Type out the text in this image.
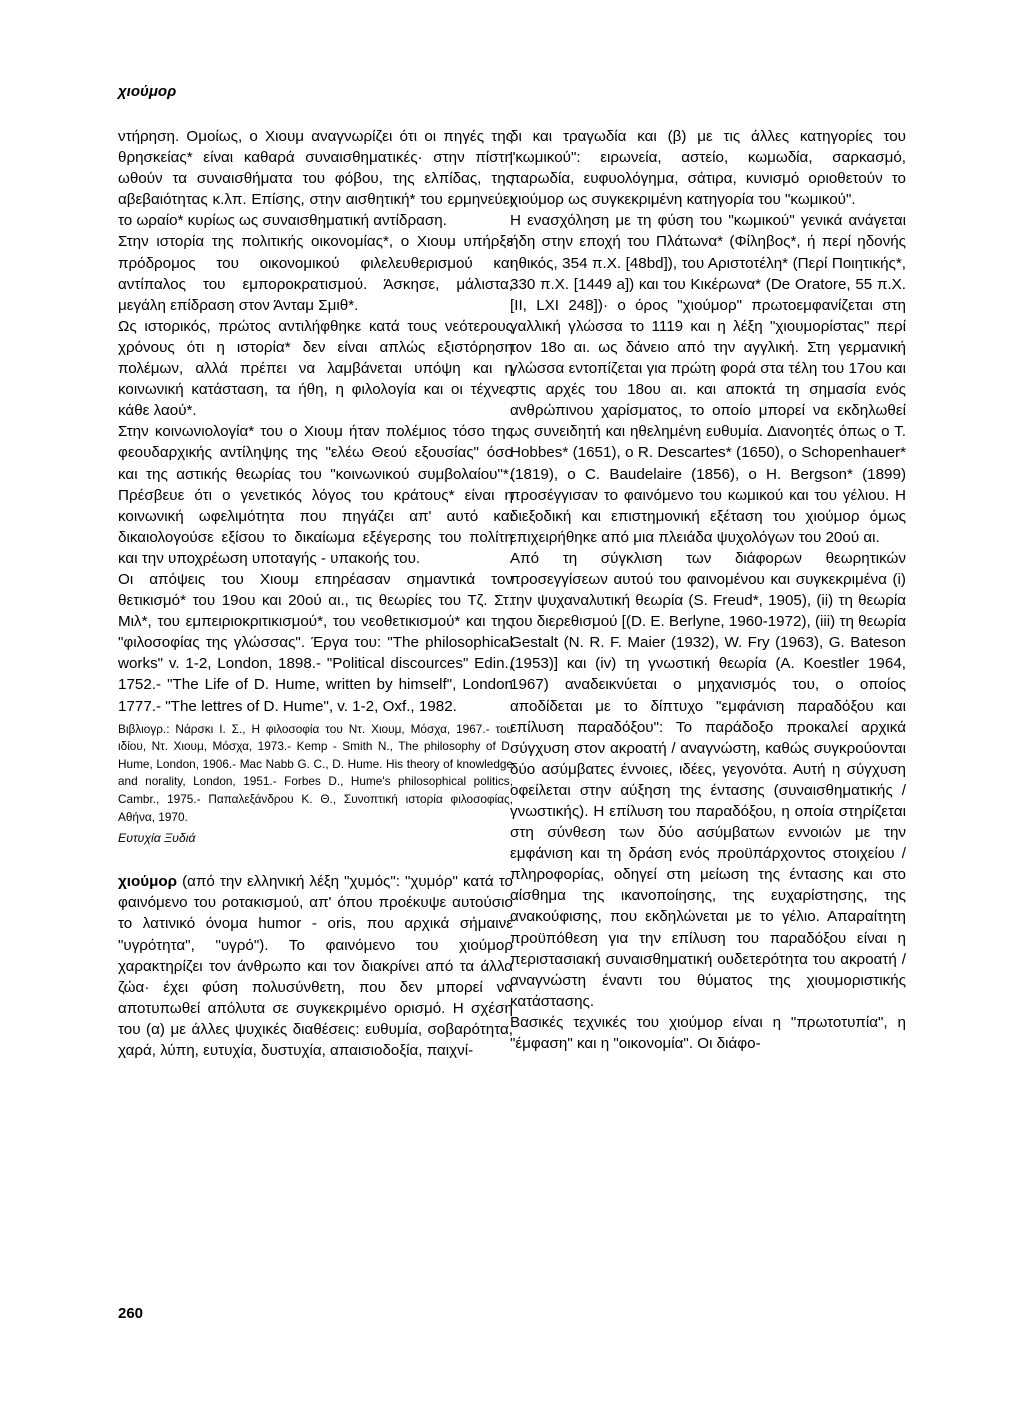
χιούμορ

ντήρηση. Ομοίως, ο Χιουμ αναγνωρίζει ότι οι πηγές της θρησκείας* είναι καθαρά συναισθηματικές· στην πίστη ωθούν τα συναισθήματα του φόβου, της ελπίδας, της αβεβαιότητας κ.λπ. Επίσης, στην αισθητική* του ερμηνεύει το ωραίο* κυρίως ως συναισθηματική αντίδραση.

Στην ιστορία της πολιτικής οικονομίας*, ο Χιουμ υπήρξε πρόδρομος του οικονομικού φιλελευθερισμού και αντίπαλος του εμποροκρατισμού. Άσκησε, μάλιστα, μεγάλη επίδραση στον Άνταμ Σμιθ*.

Ως ιστορικός, πρώτος αντιλήφθηκε κατά τους νεότερους χρόνους ότι η ιστορία* δεν είναι απλώς εξιστόρηση πολέμων, αλλά πρέπει να λαμβάνεται υπόψη και η κοινωνική κατάσταση, τα ήθη, η φιλολογία και οι τέχνες κάθε λαού*.

Στην κοινωνιολογία* του ο Χιουμ ήταν πολέμιος τόσο της φεουδαρχικής αντίληψης της "ελέω Θεού εξουσίας" όσο και της αστικής θεωρίας του "κοινωνικού συμβολαίου"*. Πρέσβευε ότι ο γενετικός λόγος του κράτους* είναι η κοινωνική ωφελιμότητα που πηγάζει απ' αυτό και δικαιολογούσε εξίσου το δικαίωμα εξέγερσης του πολίτη και την υποχρέωση υποταγής - υπακοής του.

Οι απόψεις του Χιουμ επηρέασαν σημαντικά τον θετικισμό* του 19ου και 20ού αι., τις θεωρίες του Τζ. Στ. Μιλ*, του εμπειριοκριτικισμού*, του νεοθετικισμού* και της "φιλοσοφίας της γλώσσας". Έργα του: "The philosophical works" v. 1-2, London, 1898.- "Political discources" Edin., 1752.- "The Life of D. Hume, written by himself", London 1777.- "The lettres of D. Hume", v. 1-2, Oxf., 1982.

Βιβλιογρ.: Νάρσκι Ι. Σ., Η φιλοσοφία του Ντ. Χιουμ, Μόσχα, 1967.- του ιδίου, Ντ. Χιουμ, Μόσχα, 1973.- Kemp - Smith N., The philosophy of D. Hume, London, 1906.- Mac Nabb G. C., D. Hume. His theory of knowledge and norality, London, 1951.- Forbes D., Hume's philosophical politics, Cambr., 1975.- Παπαλεξάνδρου Κ. Θ., Συνοπτική ιστορία φιλοσοφίας, Αθήνα, 1970.

Ευτυχία Ξυδιά

χιούμορ (από την ελληνική λέξη "χυμός": "χυμόρ" κατά το φαινόμενο του ροτακισμού, απ' όπου προέκυψε αυτούσιο το λατινικό όνομα humor - oris, που αρχικά σήμαινε "υγρότητα", "υγρό"). Το φαινόμενο του χιούμορ χαρακτηρίζει τον άνθρωπο και τον διακρίνει από τα άλλα ζώα· έχει φύση πολυσύνθετη, που δεν μπορεί να αποτυπωθεί απόλυτα σε συγκεκριμένο ορισμό. Η σχέση του (α) με άλλες ψυχικές διαθέσεις: ευθυμία, σοβαρότητα, χαρά, λύπη, ευτυχία, δυστυχία, απαισιοδοξία, παιχνί-

δι και τραγωδία και (β) με τις άλλες κατηγορίες του "κωμικού": ειρωνεία, αστείο, κωμωδία, σαρκασμό, παρωδία, ευφυολόγημα, σάτιρα, κυνισμό οριοθετούν το χιούμορ ως συγκεκριμένη κατηγορία του "κωμικού".

Η ενασχόληση με τη φύση του "κωμικού" γενικά ανάγεται ήδη στην εποχή του Πλάτωνα* (Φίληβος*, ή περί ηδονής ηθικός, 354 π.Χ. [48bd]), του Αριστοτέλη* (Περί Ποιητικής*, 330 π.Χ. [1449 a]) και του Κικέρωνα* (De Oratore, 55 π.Χ. [II, LXI 248])· ο όρος "χιούμορ" πρωτοεμφανίζεται στη γαλλική γλώσσα το 1119 και η λέξη "χιουμορίστας" περί τον 18ο αι. ως δάνειο από την αγγλική. Στη γερμανική γλώσσα εντοπίζεται για πρώτη φορά στα τέλη του 17ου και στις αρχές του 18ου αι. και αποκτά τη σημασία ενός ανθρώπινου χαρίσματος, το οποίο μπορεί να εκδηλωθεί ως συνειδητή και ηθελημένη ευθυμία. Διανοητές όπως ο Τ. Hobbes* (1651), ο R. Descartes* (1650), ο Schopenhauer* (1819), ο C. Baudelaire (1856), ο H. Bergson* (1899) προσέγγισαν το φαινόμενο του κωμικού και του γέλιου. Η διεξοδική και επιστημονική εξέταση του χιούμορ όμως επιχειρήθηκε από μια πλειάδα ψυχολόγων του 20ού αι.

Από τη σύγκλιση των διάφορων θεωρητικών προσεγγίσεων αυτού του φαινομένου και συγκεκριμένα (i) την ψυχαναλυτική θεωρία (S. Freud*, 1905), (ii) τη θεωρία του διερεθισμού [(D. E. Berlyne, 1960-1972), (iii) τη θεωρία Gestalt (N. R. F. Maier (1932), W. Fry (1963), G. Bateson (1953)] και (iv) τη γνωστική θεωρία (A. Koestler 1964, 1967) αναδεικνύεται ο μηχανισμός του, ο οποίος αποδίδεται με το δίπτυχο "εμφάνιση παραδόξου και επίλυση παραδόξου": Το παράδοξο προκαλεί αρχικά σύγχυση στον ακροατή / αναγνώστη, καθώς συγκρούονται δύο ασύμβατες έννοιες, ιδέες, γεγονότα. Αυτή η σύγχυση οφείλεται στην αύξηση της έντασης (συναισθηματικής / γνωστικής). Η επίλυση του παραδόξου, η οποία στηρίζεται στη σύνθεση των δύο ασύμβατων εννοιών με την εμφάνιση και τη δράση ενός προϋπάρχοντος στοιχείου / πληροφορίας, οδηγεί στη μείωση της έντασης και στο αίσθημα της ικανοποίησης, της ευχαρίστησης, της ανακούφισης, που εκδηλώνεται με το γέλιο. Απαραίτητη προϋπόθεση για την επίλυση του παραδόξου είναι η περιστασιακή συναισθηματική ουδετερότητα του ακροατή / αναγνώστη έναντι του θύματος της χιουμοριστικής κατάστασης.

Βασικές τεχνικές του χιούμορ είναι η "πρωτοτυπία", η "έμφαση" και η "οικονομία". Οι διάφο-

260
